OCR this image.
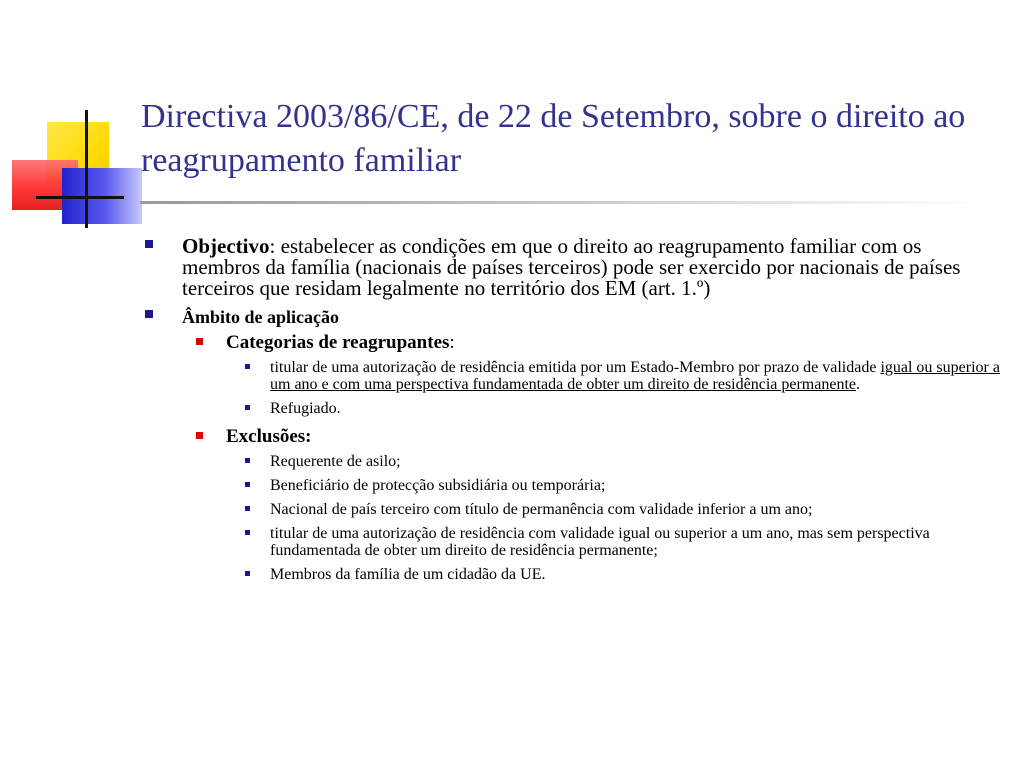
Directiva 2003/86/CE, de 22 de Setembro, sobre o direito ao reagrupamento familiar
Objectivo: estabelecer as condições em que o direito ao reagrupamento familiar com os membros da família (nacionais de países terceiros) pode ser exercido por nacionais de países terceiros que residam legalmente no território dos EM (art. 1.º)
Âmbito de aplicação
Categorias de reagrupantes:
titular de uma autorização de residência emitida por um Estado-Membro por prazo de validade igual ou superior a um ano e com uma perspectiva fundamentada de obter um direito de residência permanente.
Refugiado.
Exclusões:
Requerente de asilo;
Beneficiário de protecção subsidiária ou temporária;
Nacional de país terceiro com título de permanência com validade inferior a um ano;
titular de uma autorização de residência com validade igual ou superior a um ano, mas sem perspectiva fundamentada de obter um direito de residência permanente;
Membros da família de um cidadão da UE.
